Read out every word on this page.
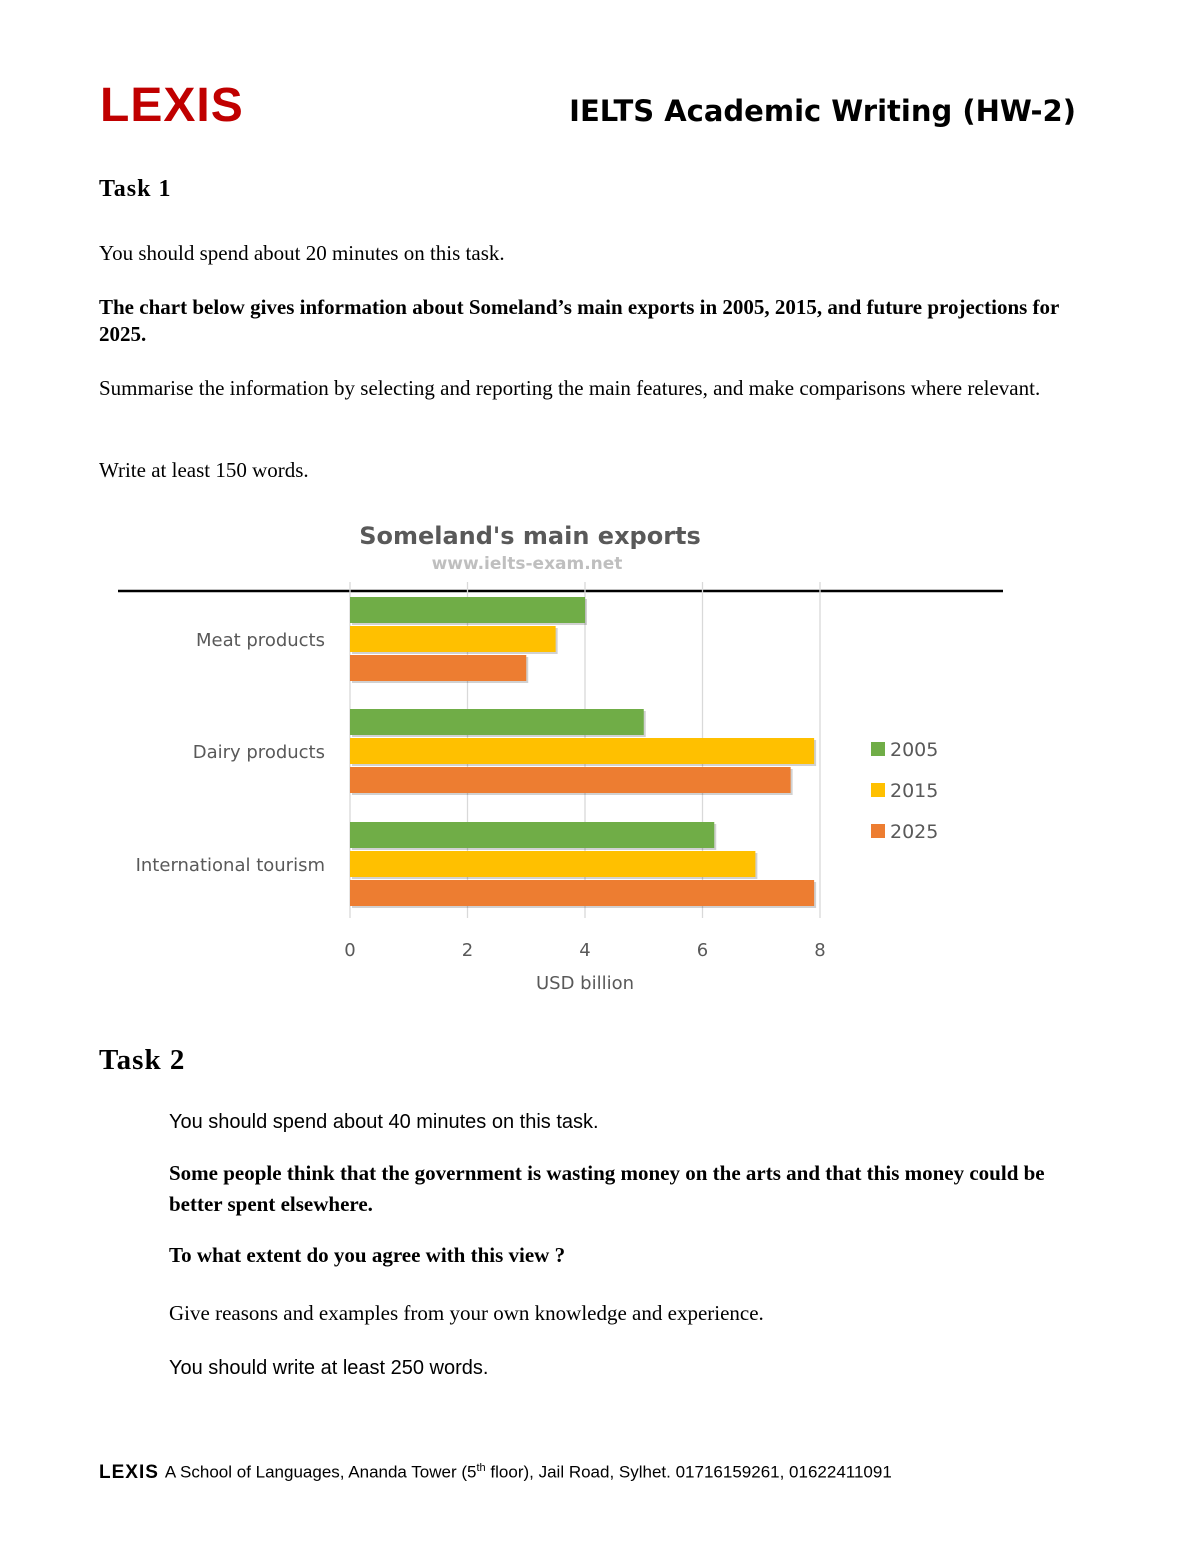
LEXIS	IELTS Academic Writing (HW-2)
Task 1
You should spend about 20 minutes on this task.
The chart below gives information about Someland’s main exports in 2005, 2015, and future projections for 2025.
Summarise the information by selecting and reporting the main features, and make comparisons where relevant.
Write at least 150 words.
Someland's main exports
www.ielts-exam.net
Meat products
Dairy products
International tourism
0	2	4	6	8
2005
2015
2025
USD billion
Task 2
You should spend about 40 minutes on this task.
Some people think that the government is wasting money on the arts and that this money could be better spent elsewhere.
To what extent do you agree with this view ?
Give reasons and examples from your own knowledge and experience.
You should write at least 250 words.
LEXIS A School of Languages, Ananda Tower (5th floor), Jail Road, Sylhet. 01716159261, 01622411091
